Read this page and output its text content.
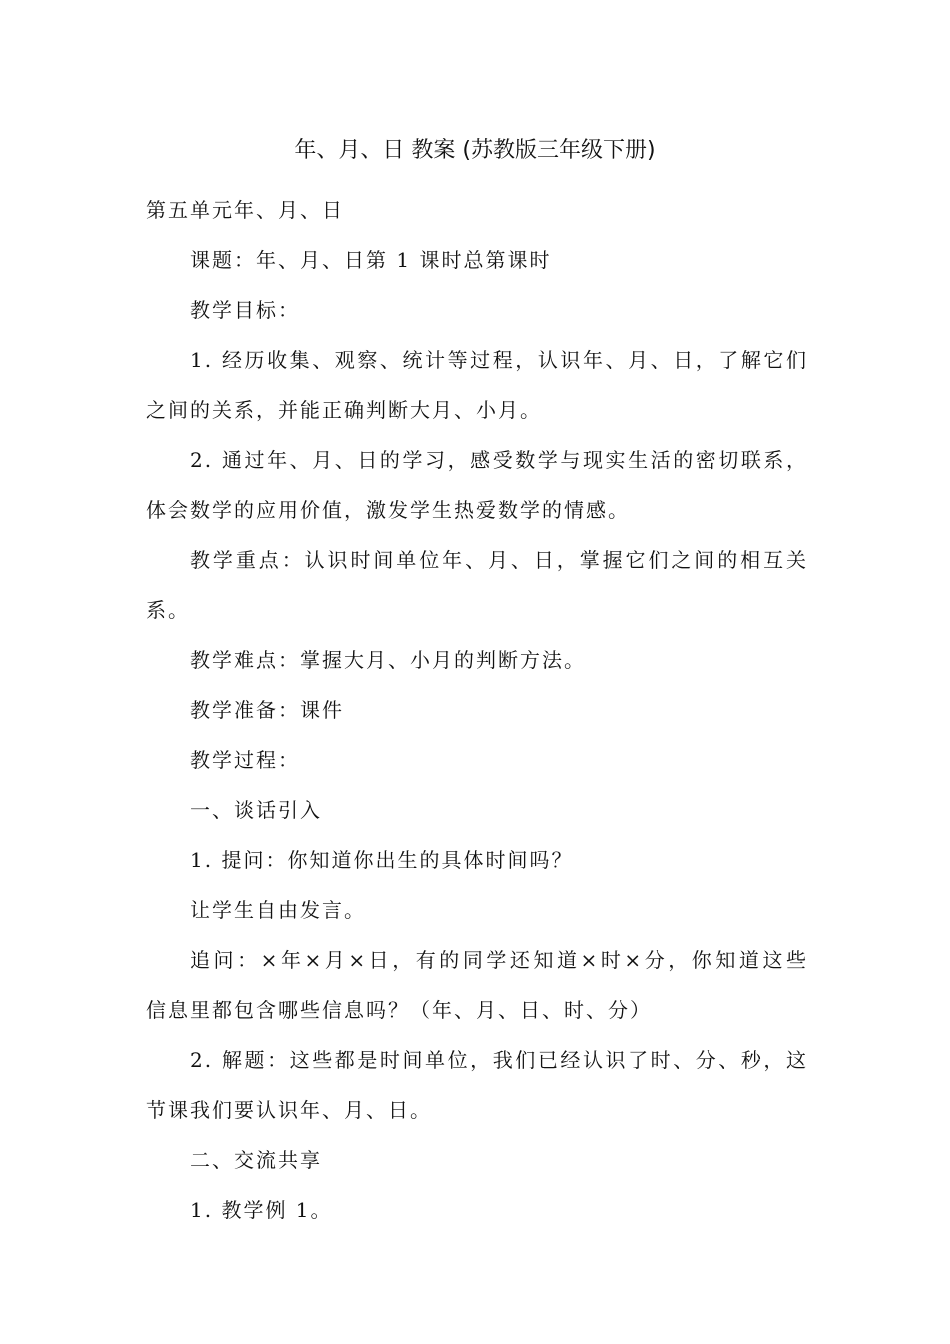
年、月、日 教案 (苏教版三年级下册)
第五单元年、月、日
课题：年、月、日第 1 课时总第课时
教学目标：
1. 经历收集、观察、统计等过程，认识年、月、日，了解它们
之间的关系，并能正确判断大月、小月。
2. 通过年、月、日的学习，感受数学与现实生活的密切联系，
体会数学的应用价值，激发学生热爱数学的情感。
教学重点：认识时间单位年、月、日，掌握它们之间的相互关
系。
教学难点：掌握大月、小月的判断方法。
教学准备：课件
教学过程：
一、谈话引入
1. 提问：你知道你出生的具体时间吗？
让学生自由发言。
追问：×年×月×日，有的同学还知道×时×分，你知道这些
信息里都包含哪些信息吗？（年、月、日、时、分）
2. 解题：这些都是时间单位，我们已经认识了时、分、秒，这
节课我们要认识年、月、日。
二、交流共享
1. 教学例 1。
